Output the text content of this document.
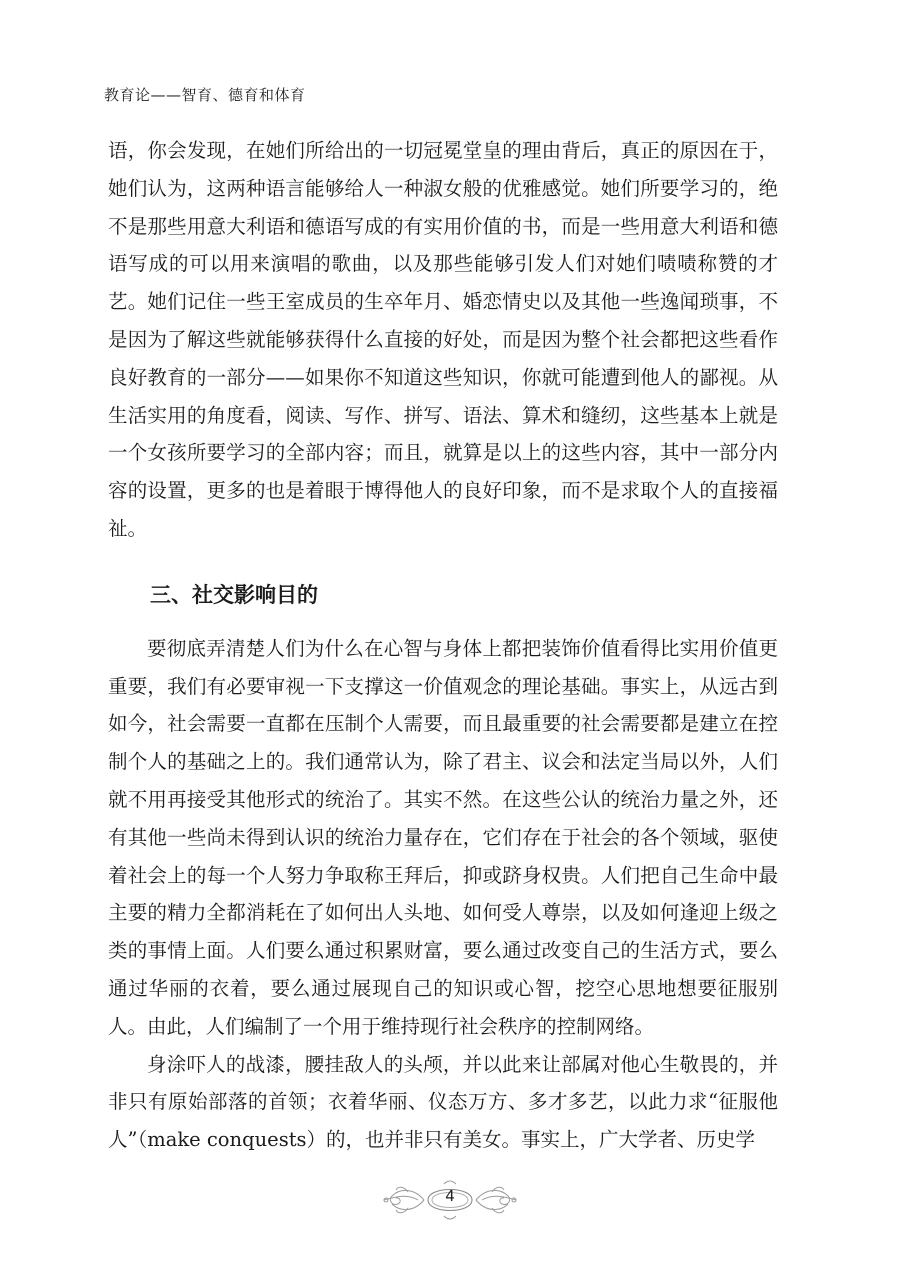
教育论——智育、德育和体育

语，你会发现，在她们所给出的一切冠冕堂皇的理由背后，真正的原因在于，她们认为，这两种语言能够给人一种淑女般的优雅感觉。她们所要学习的，绝不是那些用意大利语和德语写成的有实用价值的书，而是一些用意大利语和德语写成的可以用来演唱的歌曲，以及那些能够引发人们对她们啧啧称赞的才艺。她们记住一些王室成员的生卒年月、婚恋情史以及其他一些逸闻琐事，不是因为了解这些就能够获得什么直接的好处，而是因为整个社会都把这些看作良好教育的一部分——如果你不知道这些知识，你就可能遭到他人的鄙视。从生活实用的角度看，阅读、写作、拼写、语法、算术和缝纫，这些基本上就是一个女孩所要学习的全部内容；而且，就算是以上的这些内容，其中一部分内容的设置，更多的也是着眼于博得他人的良好印象，而不是求取个人的直接福祉。

三、社交影响目的

要彻底弄清楚人们为什么在心智与身体上都把装饰价值看得比实用价值更重要，我们有必要审视一下支撑这一价值观念的理论基础。事实上，从远古到如今，社会需要一直都在压制个人需要，而且最重要的社会需要都是建立在控制个人的基础之上的。我们通常认为，除了君主、议会和法定当局以外，人们就不用再接受其他形式的统治了。其实不然。在这些公认的统治力量之外，还有其他一些尚未得到认识的统治力量存在，它们存在于社会的各个领域，驱使着社会上的每一个人努力争取称王拜后，抑或跻身权贵。人们把自己生命中最主要的精力全都消耗在了如何出人头地、如何受人尊崇，以及如何逢迎上级之类的事情上面。人们要么通过积累财富，要么通过改变自己的生活方式，要么通过华丽的衣着，要么通过展现自己的知识或心智，挖空心思地想要征服别人。由此，人们编制了一个用于维持现行社会秩序的控制网络。

身涂吓人的战漆，腰挂敌人的头颅，并以此来让部属对他心生敬畏的，并非只有原始部落的首领；衣着华丽、仪态万方、多才多艺，以此力求“征服他人”（make conquests）的，也并非只有美女。事实上，广大学者、历史学

4
